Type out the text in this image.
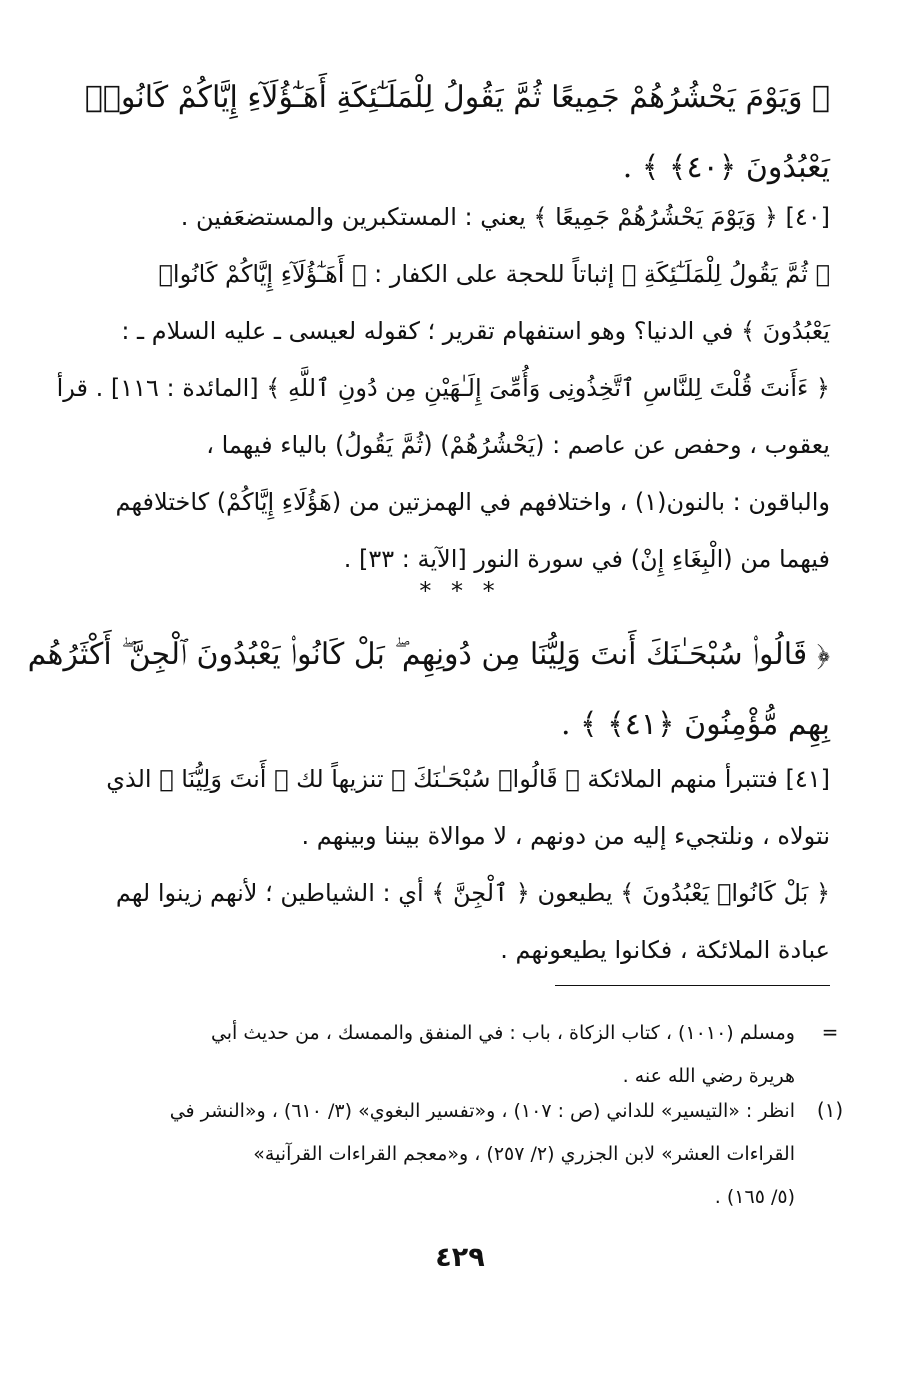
﴿ وَيَوْمَ يَحْشُرُهُمْ جَمِيعًا ثُمَّ يَقُولُ لِلْمَلَـٰٓئِكَةِ أَهَـٰٓؤُلَآءِ إِيَّاكُمْ كَانُوا۟
يَعْبُدُونَ ﴿٤٠﴾ ﴾ .
[٤٠] ﴿ وَيَوْمَ يَحْشُرُهُمْ جَمِيعًا ﴾ يعني : المستكبرين والمستضعَفين .
﴿ ثُمَّ يَقُولُ لِلْمَلَـٰٓئِكَةِ ﴾ إثباتاً للحجة على الكفار : ﴿ أَهَـٰٓؤُلَآءِ إِيَّاكُمْ كَانُوا۟
يَعْبُدُونَ ﴾ في الدنيا؟ وهو استفهام تقرير ؛ كقوله لعيسى ـ عليه السلام ـ :
﴿ ءَأَنتَ قُلْتَ لِلنَّاسِ ٱتَّخِذُونِى وَأُمِّىَ إِلَـٰهَيْنِ مِن دُونِ ٱللَّهِ ﴾ [المائدة : ١١٦] . قرأ
يعقوب ، وحفص عن عاصم : (يَحْشُرُهُمْ) (ثُمَّ يَقُولُ) بالياء فيهما ،
والباقون : بالنون(١) ، واختلافهم في الهمزتين من (هَؤُلَاءِ إِيَّاكُمْ) كاختلافهم
فيهما من (الْبِغَاءِ إِنْ) في سورة النور [الآية : ٣٣] .
* * *
﴿ قَالُوا۟ سُبْحَـٰنَكَ أَنتَ وَلِيُّنَا مِن دُونِهِم ۖ بَلْ كَانُوا۟ يَعْبُدُونَ ٱلْجِنَّ ۖ أَكْثَرُهُم
بِهِم مُّؤْمِنُونَ ﴿٤١﴾ ﴾ .
[٤١] فتتبرأ منهم الملائكة ﴿ قَالُوا۟ سُبْحَـٰنَكَ ﴾ تنزيهاً لك ﴿ أَنتَ وَلِيُّنَا ﴾ الذي
نتولاه ، ونلتجيء إليه من دونهم ، لا موالاة بيننا وبينهم .
﴿ بَلْ كَانُوا۟ يَعْبُدُونَ ﴾ يطيعون ﴿ ٱلْجِنَّ ﴾ أي : الشياطين ؛ لأنهم زينوا لهم
عبادة الملائكة ، فكانوا يطيعونهم .
=
ومسلم (١٠١٠) ، كتاب الزكاة ، باب : في المنفق والممسك ، من حديث أبي
هريرة رضي الله عنه .
(١)
انظر : «التيسير» للداني (ص : ١٠٧) ، و«تفسير البغوي» (٣/ ٦١٠) ، و«النشر في
القراءات العشر» لابن الجزري (٢/ ٢٥٧) ، و«معجم القراءات القرآنية»
(٥/ ١٦٥) .
٤٢٩
